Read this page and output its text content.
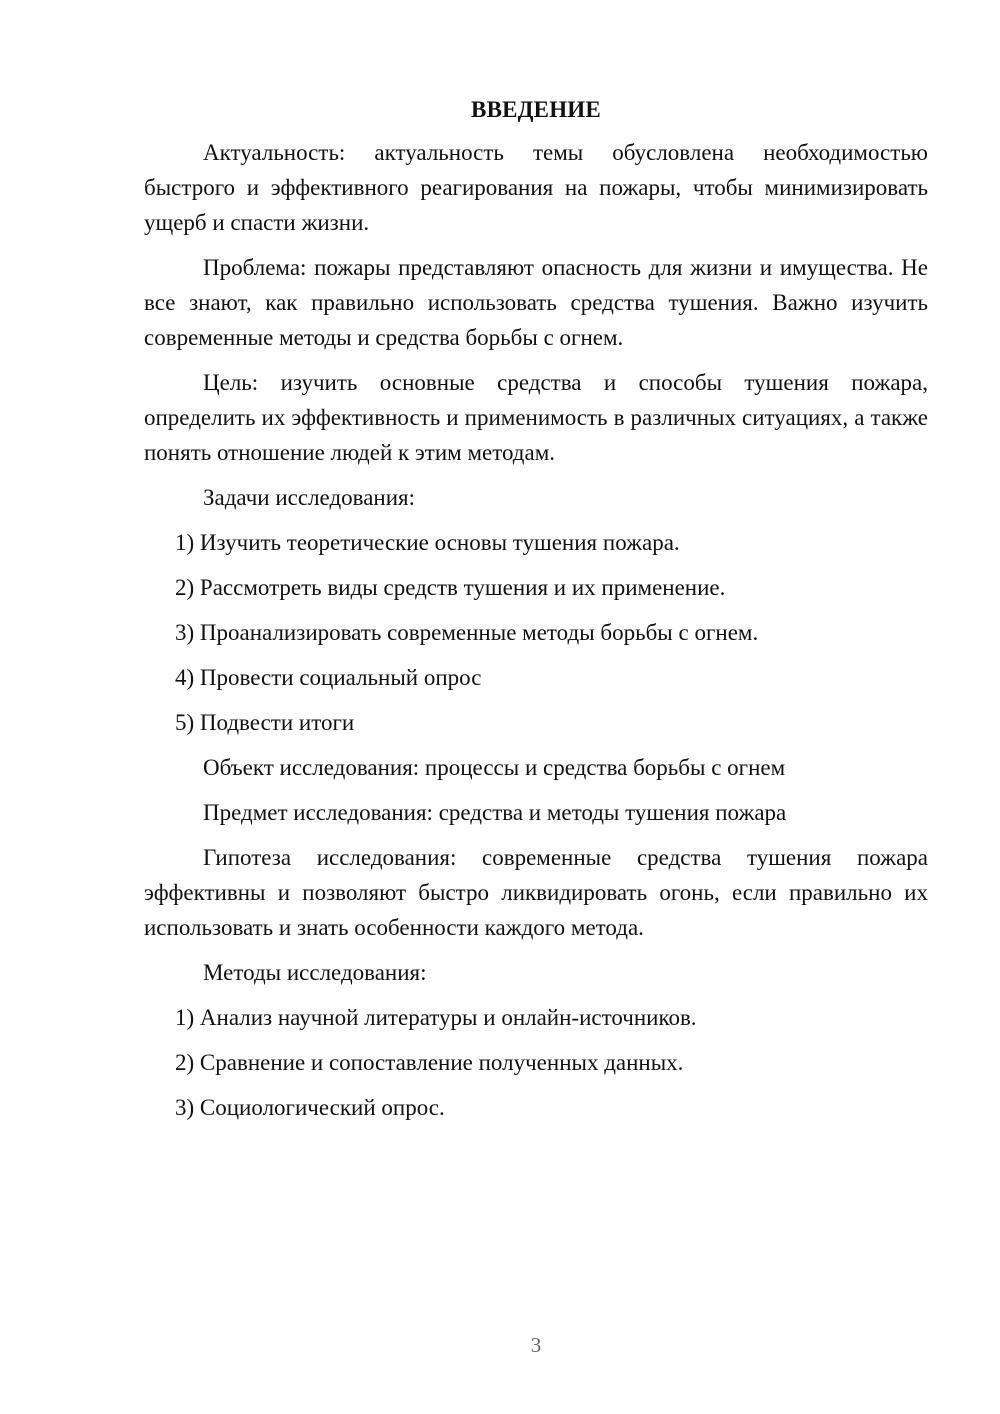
ВВЕДЕНИЕ

Актуальность: актуальность темы обусловлена необходимостью быстрого и эффективного реагирования на пожары, чтобы минимизировать ущерб и спасти жизни.

Проблема: пожары представляют опасность для жизни и имущества. Не все знают, как правильно использовать средства тушения. Важно изучить современные методы и средства борьбы с огнем.

Цель: изучить основные средства и способы тушения пожара, определить их эффективность и применимость в различных ситуациях, а также понять отношение людей к этим методам.

Задачи исследования:
1) Изучить теоретические основы тушения пожара.
2) Рассмотреть виды средств тушения и их применение.
3) Проанализировать современные методы борьбы с огнем.
4) Провести социальный опрос
5) Подвести итоги
Объект исследования: процессы и средства борьбы с огнем
Предмет исследования: средства и методы тушения пожара

Гипотеза исследования: современные средства тушения пожара эффективны и позволяют быстро ликвидировать огонь, если правильно их использовать и знать особенности каждого метода.

Методы исследования:
1) Анализ научной литературы и онлайн-источников.
2) Сравнение и сопоставление полученных данных.
3) Социологический опрос.
3
